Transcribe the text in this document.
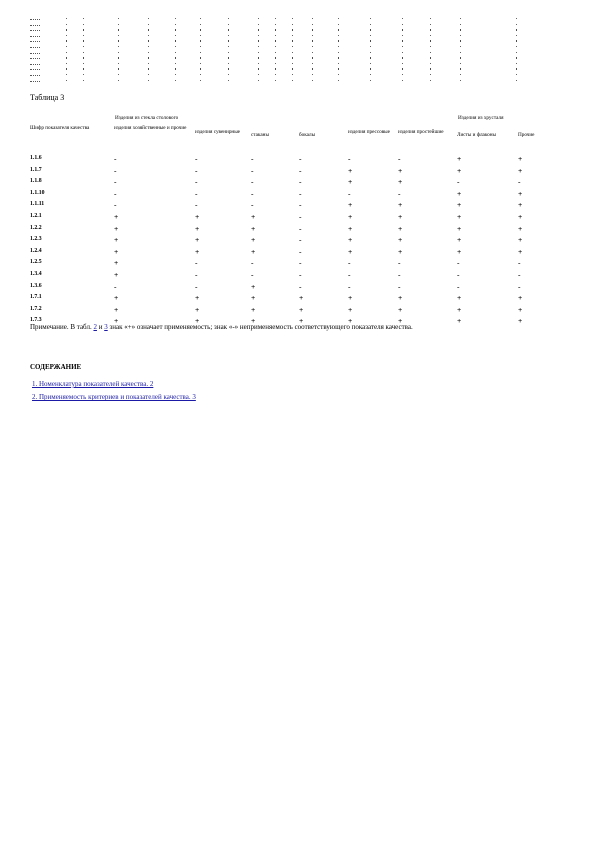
Таблица 3
Изделия из стекла столового	Изделия из хрусталя
Шифр показателя качества	изделия хозяйственные и прочие
изделия сувенирные	стаканы	бокалы	изделия прессовые	изделия простейшие	Листы и флаконы	Прочие
1.1.6	-	-	-	-	-	-	+	+
1.1.7	-	-	-	-	+	+	+	+
1.1.8	-	-	-	-	+	+	-	-
1.1.10	-	-	-	-	-	-	+	+
1.1.11	-	-	-	-	+	+	+	+
1.2.1	+	+	+	-	+	+	+	+
1.2.2	+	+	+	-	+	+	+	+
1.2.3	+	+	+	-	+	+	+	+
1.2.4	+	+	+	-	+	+	+	+
1.2.5	+	-	-	-	-	-	-	-
1.3.4	+	-	-	-	-	-	-	-
1.3.6	-	-	+	-	-	-	-	-
1.7.1	+	+	+	+	+	+	+	+
1.7.2	+	+	+	+	+	+	+	+
1.7.3	+	+	+	+	+	+	+	+
Примечание. В табл. 2 и 3 знак «+» означает применяемость; знак «-» неприменяемость соответствующего показателя качества.
СОДЕРЖАНИЕ
1. Номенклатура показателей качества. 2
2. Применяемость критериев и показателей качества. 3
